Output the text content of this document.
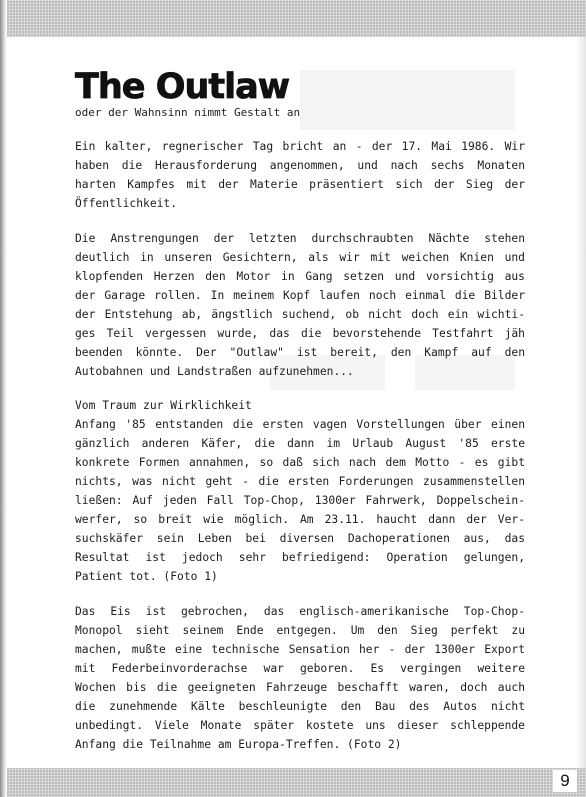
The Outlaw
oder der Wahnsinn nimmt Gestalt an
Ein kalter, regnerischer Tag bricht an - der 17. Mai 1986. Wir
haben die Herausforderung angenommen, und nach sechs Monaten
harten Kampfes mit der Materie präsentiert sich der Sieg der
Öffentlichkeit.
Die Anstrengungen der letzten durchschraubten Nächte stehen
deutlich in unseren Gesichtern, als wir mit weichen Knien und
klopfenden Herzen den Motor in Gang setzen und vorsichtig aus
der Garage rollen. In meinem Kopf laufen noch einmal die Bilder
der Entstehung ab, ängstlich suchend, ob nicht doch ein wichti-
ges Teil vergessen wurde, das die bevorstehende Testfahrt jäh
beenden könnte. Der "Outlaw" ist bereit, den Kampf auf den
Autobahnen und Landstraßen aufzunehmen...
Vom Traum zur Wirklichkeit
Anfang '85 entstanden die ersten vagen Vorstellungen über einen
gänzlich anderen Käfer, die dann im Urlaub August '85 erste
konkrete Formen annahmen, so daß sich nach dem Motto - es gibt
nichts, was nicht geht - die ersten Forderungen zusammenstellen
ließen: Auf jeden Fall Top-Chop, 1300er Fahrwerk, Doppelschein-
werfer, so breit wie möglich. Am 23.11. haucht dann der Ver-
suchskäfer sein Leben bei diversen Dachoperationen aus, das
Resultat ist jedoch sehr befriedigend: Operation gelungen,
Patient tot. (Foto 1)
Das Eis ist gebrochen, das englisch-amerikanische Top-Chop-
Monopol sieht seinem Ende entgegen. Um den Sieg perfekt zu
machen, mußte eine technische Sensation her - der 1300er Export
mit Federbeinvorderachse war geboren. Es vergingen weitere
Wochen bis die geeigneten Fahrzeuge beschafft waren, doch auch
die zunehmende Kälte beschleunigte den Bau des Autos nicht
unbedingt. Viele Monate später kostete uns dieser schleppende
Anfang die Teilnahme am Europa-Treffen. (Foto 2)
9
